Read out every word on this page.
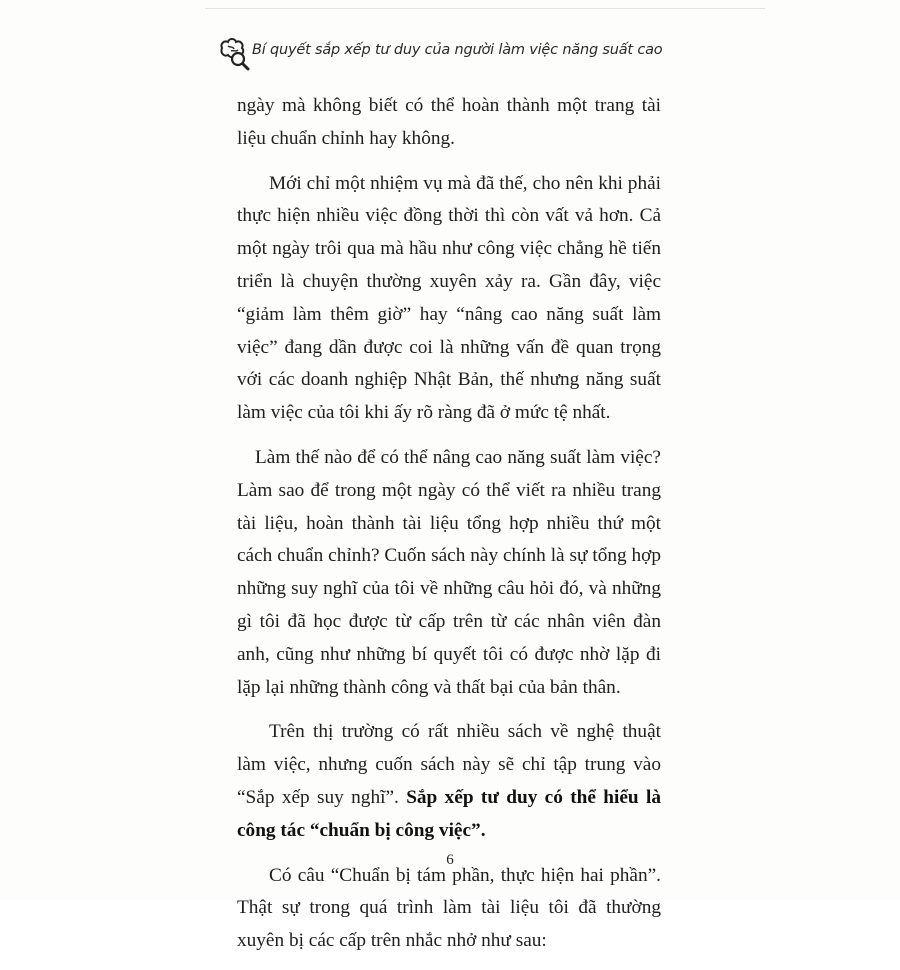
Bí quyết sắp xếp tư duy của người làm việc năng suất cao

ngày mà không biết có thể hoàn thành một trang tài liệu chuẩn chỉnh hay không.

Mới chỉ một nhiệm vụ mà đã thế, cho nên khi phải thực hiện nhiều việc đồng thời thì còn vất vả hơn. Cả một ngày trôi qua mà hầu như công việc chẳng hề tiến triển là chuyện thường xuyên xảy ra. Gần đây, việc “giảm làm thêm giờ” hay “nâng cao năng suất làm việc” đang dần được coi là những vấn đề quan trọng với các doanh nghiệp Nhật Bản, thế nhưng năng suất làm việc của tôi khi ấy rõ ràng đã ở mức tệ nhất.

Làm thế nào để có thể nâng cao năng suất làm việc? Làm sao để trong một ngày có thể viết ra nhiều trang tài liệu, hoàn thành tài liệu tổng hợp nhiều thứ một cách chuẩn chỉnh? Cuốn sách này chính là sự tổng hợp những suy nghĩ của tôi về những câu hỏi đó, và những gì tôi đã học được từ cấp trên từ các nhân viên đàn anh, cũng như những bí quyết tôi có được nhờ lặp đi lặp lại những thành công và thất bại của bản thân.

Trên thị trường có rất nhiều sách về nghệ thuật làm việc, nhưng cuốn sách này sẽ chỉ tập trung vào “Sắp xếp suy nghĩ”. Sắp xếp tư duy có thể hiểu là công tác “chuẩn bị công việc”.

Có câu “Chuẩn bị tám phần, thực hiện hai phần”. Thật sự trong quá trình làm tài liệu tôi đã thường xuyên bị các cấp trên nhắc nhở như sau:

6
